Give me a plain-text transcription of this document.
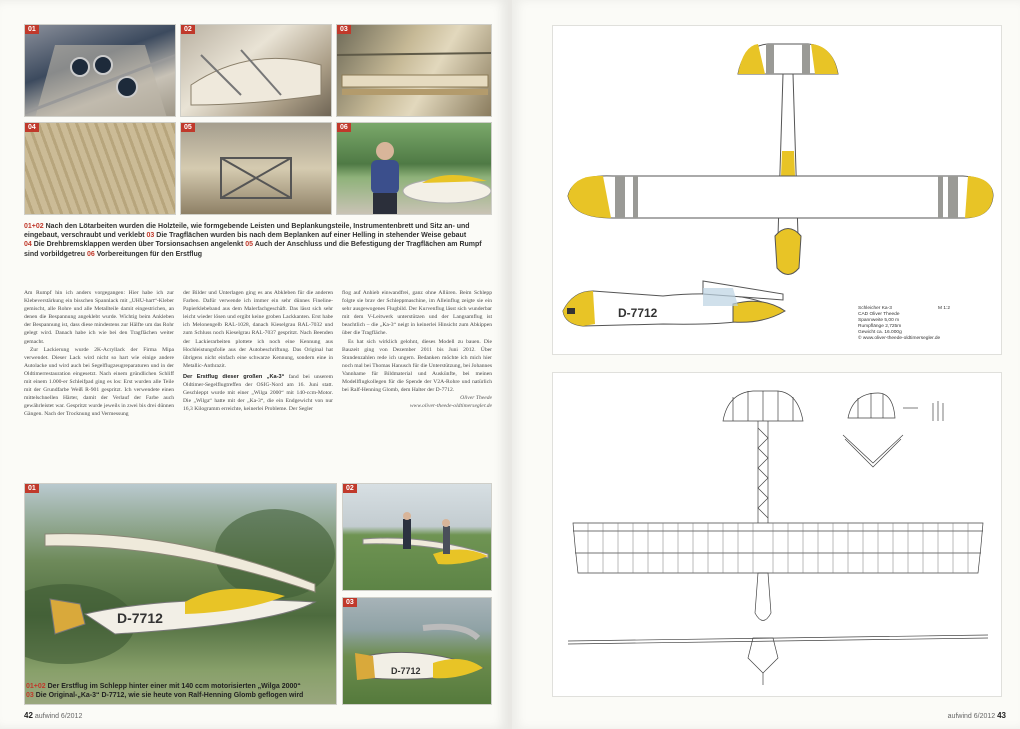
01	02	03
04	05	06
01+02 Nach den Lötarbeiten wurden die Holzteile, wie formgebende Leisten und Beplankungsteile, Instrumentenbrett und Sitz an- und eingebaut, verschraubt und verklebt 03 Die Tragflächen wurden bis nach dem Beplanken auf einer Helling in stehender Weise gebaut
04 Die Drehbremsklappen werden über Torsionsachsen angelenkt 05 Auch der Anschluss und die Befestigung der Tragflächen am Rumpf sind vorbildgetreu 06 Vorbereitungen für den Erstflug

Am Rumpf hin ich anders vorgegangen: Hier habe ich zur Klebeverstärkung ein bisschen Spannlack mit „UHU-hart“-Kleber gemischt, alle Rohre und alle Metallteile damit eingestrichen, an denen die Bespannung angeklebt wurde. Wichtig beim Ankleben der Bespannung ist, dass diese mindestens zur Hälfte um das Rohr gelegt wird. Danach habe ich wie bei den Tragflächen weiter gemacht.

Zur Lackierung wurde 2K-Acryllack der Firma Mipa verwendet. Dieser Lack wird nicht so hart wie einige andere Autolacke und wird auch bei Segelflugzeugreparaturen und in der Oldtimerrestauration eingesetzt. Nach einem gründlichen Schliff mit einem 1.000-er Schleifpad ging es los: Erst wurden alle Teile mit der Grundfarbe Weiß R-901 gespritzt. Ich verwendete einen mittelschnellen Härter, damit der Verlauf der Farbe auch gewährleistet war. Gespritzt wurde jeweils in zwei bis drei dünnen Gängen. Nach der Trocknung und Vermessung

der Bilder und Unterlagen ging es ans Abkleben für die anderen Farben. Dafür verwende ich immer ein sehr dünnes Fineline-Papierklebeband aus dem Malerfachgeschäft. Das lässt sich sehr leicht wieder lösen und ergibt keine groben Lackkanten. Erst habe ich Melonengelb RAL-1028, danach Kieselgrau RAL-7032 und zum Schluss noch Kieselgrau RAL-7037 gespritzt. Nach Beenden der Lackierarbeiten plottete ich noch eine Kennung aus Hochleistungsfolie aus der Autobeschriftung. Das Original hat übrigens nicht einfach eine schwarze Kennung, sondern eine in Metallic-Anthrazit.

Der Erstflug dieser großen „Ka-3“ fand bei unserem Oldtimer-Segelflugtreffen der OSIG-Nord am 16. Juni statt. Geschleppt wurde mit einer „Wilga 2000“ mit 140-ccm-Motor. Die „Wilga“ hatte mit der „Ka-3“, die ein Endgewicht von nur 16,3 Kilogramm erreichte, keinerlei Probleme. Der Segler

flog auf Anhieb einwandfrei, ganz ohne Allüren. Beim Schlepp folgte sie brav der Schleppmaschine, im Alleinflug zeigte sie ein sehr ausgewogenes Flugbild. Der Kurvenflug lässt sich wunderbar mit dem V-Leitwerk unterstützen und der Langsamflug ist beachtlich – die „Ka-3“ neigt in keinerlei Hinsicht zum Abkippen über die Tragfläche.

Es hat sich wirklich gelohnt, dieses Modell zu bauen. Die Bauzeit ging von Dezember 2011 bis Juni 2012. Über Stundenzahlen rede ich ungern. Bedanken möchte ich mich hier noch mal bei Thomas Hanusch für die Unterstützung, bei Johannes Vannhame für Bildmaterial und Auskünfte, bei meinen Modellflugkollegen für die Spende der V2A-Rohre und natürlich bei Ralf-Henning Glomb, dem Halter der D-7712.

Oliver Theede

www.oliver-theede-oldtimersegler.de

D-7712
01	02
D-7712
03
01+02 Der Erstflug im Schlepp hinter einer mit 140 ccm motorisierten „Wilga 2000“
03 Die Original-„Ka-3“ D-7712, wie sie heute von Ralf-Henning Glomb geflogen wird
42 aufwind 6/2012
D-7712	Schleicher Ka-3	M 1:2
CAD Oliver Theede
Spannweite 5,00 m
Rumpflänge 2,725m
Gewicht ca. 16.000g
© www.oliver-theede-oldtimersegler.de
aufwind 6/2012 43
